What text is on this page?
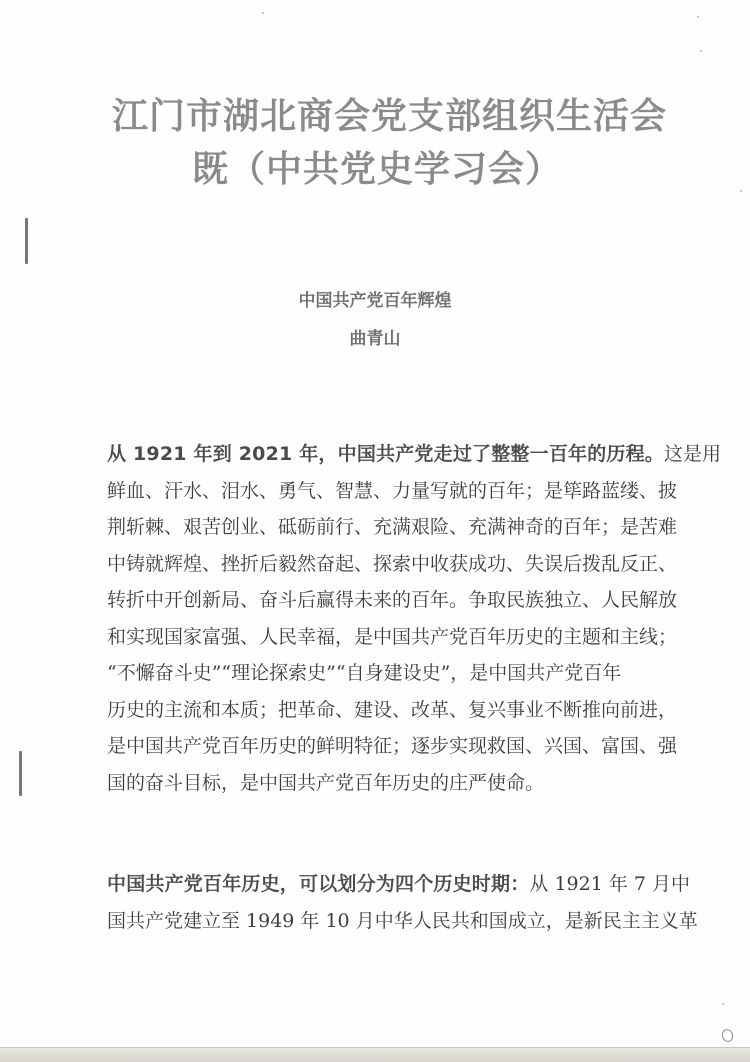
江门市湖北商会党支部组织生活会
既（中共党史学习会）
中国共产党百年辉煌
曲青山
从 1921 年到 2021 年，中国共产党走过了整整一百年的历程。这是用
鲜血、汗水、泪水、勇气、智慧、力量写就的百年；是筚路蓝缕、披
荆斩棘、艰苦创业、砥砺前行、充满艰险、充满神奇的百年；是苦难
中铸就辉煌、挫折后毅然奋起、探索中收获成功、失误后拨乱反正、
转折中开创新局、奋斗后赢得未来的百年。争取民族独立、人民解放
和实现国家富强、人民幸福，是中国共产党百年历史的主题和主线；
“不懈奋斗史”“理论探索史”“自身建设史”，是中国共产党百年
历史的主流和本质；把革命、建设、改革、复兴事业不断推向前进，
是中国共产党百年历史的鲜明特征；逐步实现救国、兴国、富国、强
国的奋斗目标，是中国共产党百年历史的庄严使命。
中国共产党百年历史，可以划分为四个历史时期：从 1921 年 7 月中
国共产党建立至 1949 年 10 月中华人民共和国成立，是新民主主义革
